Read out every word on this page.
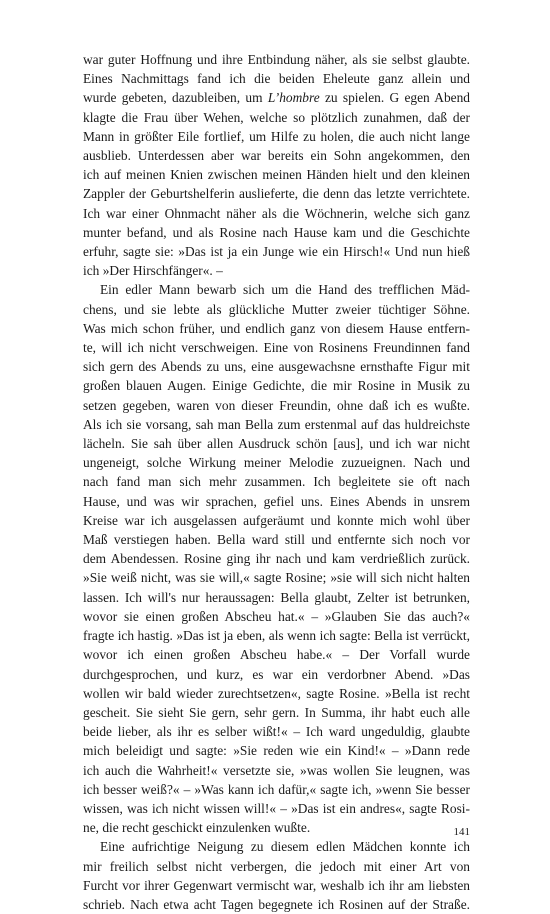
war guter Hoffnung und ihre Entbindung näher, als sie selbst glaubte.
Eines Nachmittags fand ich die beiden Eheleute ganz allein und
wurde gebeten, dazubleiben, um L’hombre zu spielen. G egen Abend
klagte die Frau über Wehen, welche so plötzlich zunahmen, daß der
Mann in größter Eile fortlief, um Hilfe zu holen, die auch nicht lange
ausblieb. Unterdessen aber war bereits ein Sohn angekommen, den
ich auf meinen Knien zwischen meinen Händen hielt und den kleinen
Zappler der Geburtshelferin auslieferte, die denn das letzte verrichtete.
Ich war einer Ohnmacht näher als die Wöchnerin, welche sich ganz
munter befand, und als Rosine nach Hause kam und die Geschichte
erfuhr, sagte sie: »Das ist ja ein Junge wie ein Hirsch!« Und nun hieß
ich »Der Hirschfänger«. –
Ein edler Mann bewarb sich um die Hand des trefflichen Mäd-
chens, und sie lebte als glückliche Mutter zweier tüchtiger Söhne.
Was mich schon früher, und endlich ganz von diesem Hause entfern-
te, will ich nicht verschweigen. Eine von Rosinens Freundinnen fand
sich gern des Abends zu uns, eine ausgewachsne ernsthafte Figur mit
großen blauen Augen. Einige Gedichte, die mir Rosine in Musik zu
setzen gegeben, waren von dieser Freundin, ohne daß ich es wußte.
Als ich sie vorsang, sah man Bella zum erstenmal auf das huldreichste
lächeln. Sie sah über allen Ausdruck schön [aus], und ich war nicht
ungeneigt, solche Wirkung meiner Melodie zuzueignen. Nach und
nach fand man sich mehr zusammen. Ich begleitete sie oft nach
Hause, und was wir sprachen, gefiel uns. Eines Abends in unsrem
Kreise war ich ausgelassen aufgeräumt und konnte mich wohl über
Maß verstiegen haben. Bella ward still und entfernte sich noch vor
dem Abendessen. Rosine ging ihr nach und kam verdrießlich zurück.
»Sie weiß nicht, was sie will,« sagte Rosine; »sie will sich nicht halten
lassen. Ich will's nur heraussagen: Bella glaubt, Zelter ist betrunken,
wovor sie einen großen Abscheu hat.« – »Glauben Sie das auch?«
fragte ich hastig. »Das ist ja eben, als wenn ich sagte: Bella ist verrückt,
wovor ich einen großen Abscheu habe.« – Der Vorfall wurde
durchgesprochen, und kurz, es war ein verdorbner Abend. »Das
wollen wir bald wieder zurechtsetzen«, sagte Rosine. »Bella ist recht
gescheit. Sie sieht Sie gern, sehr gern. In Summa, ihr habt euch alle
beide lieber, als ihr es selber wißt!« – Ich ward ungeduldig, glaubte
mich beleidigt und sagte: »Sie reden wie ein Kind!« – »Dann rede
ich auch die Wahrheit!« versetzte sie, »was wollen Sie leugnen, was
ich besser weiß?« – »Was kann ich dafür,« sagte ich, »wenn Sie besser
wissen, was ich nicht wissen will!« – »Das ist ein andres«, sagte Rosi-
ne, die recht geschickt einzulenken wußte.
Eine aufrichtige Neigung zu diesem edlen Mädchen konnte ich
mir freilich selbst nicht verbergen, die jedoch mit einer Art von
Furcht vor ihrer Gegenwart vermischt war, weshalb ich ihr am liebsten
schrieb. Nach etwa acht Tagen begegnete ich Rosinen auf der Straße.
141
